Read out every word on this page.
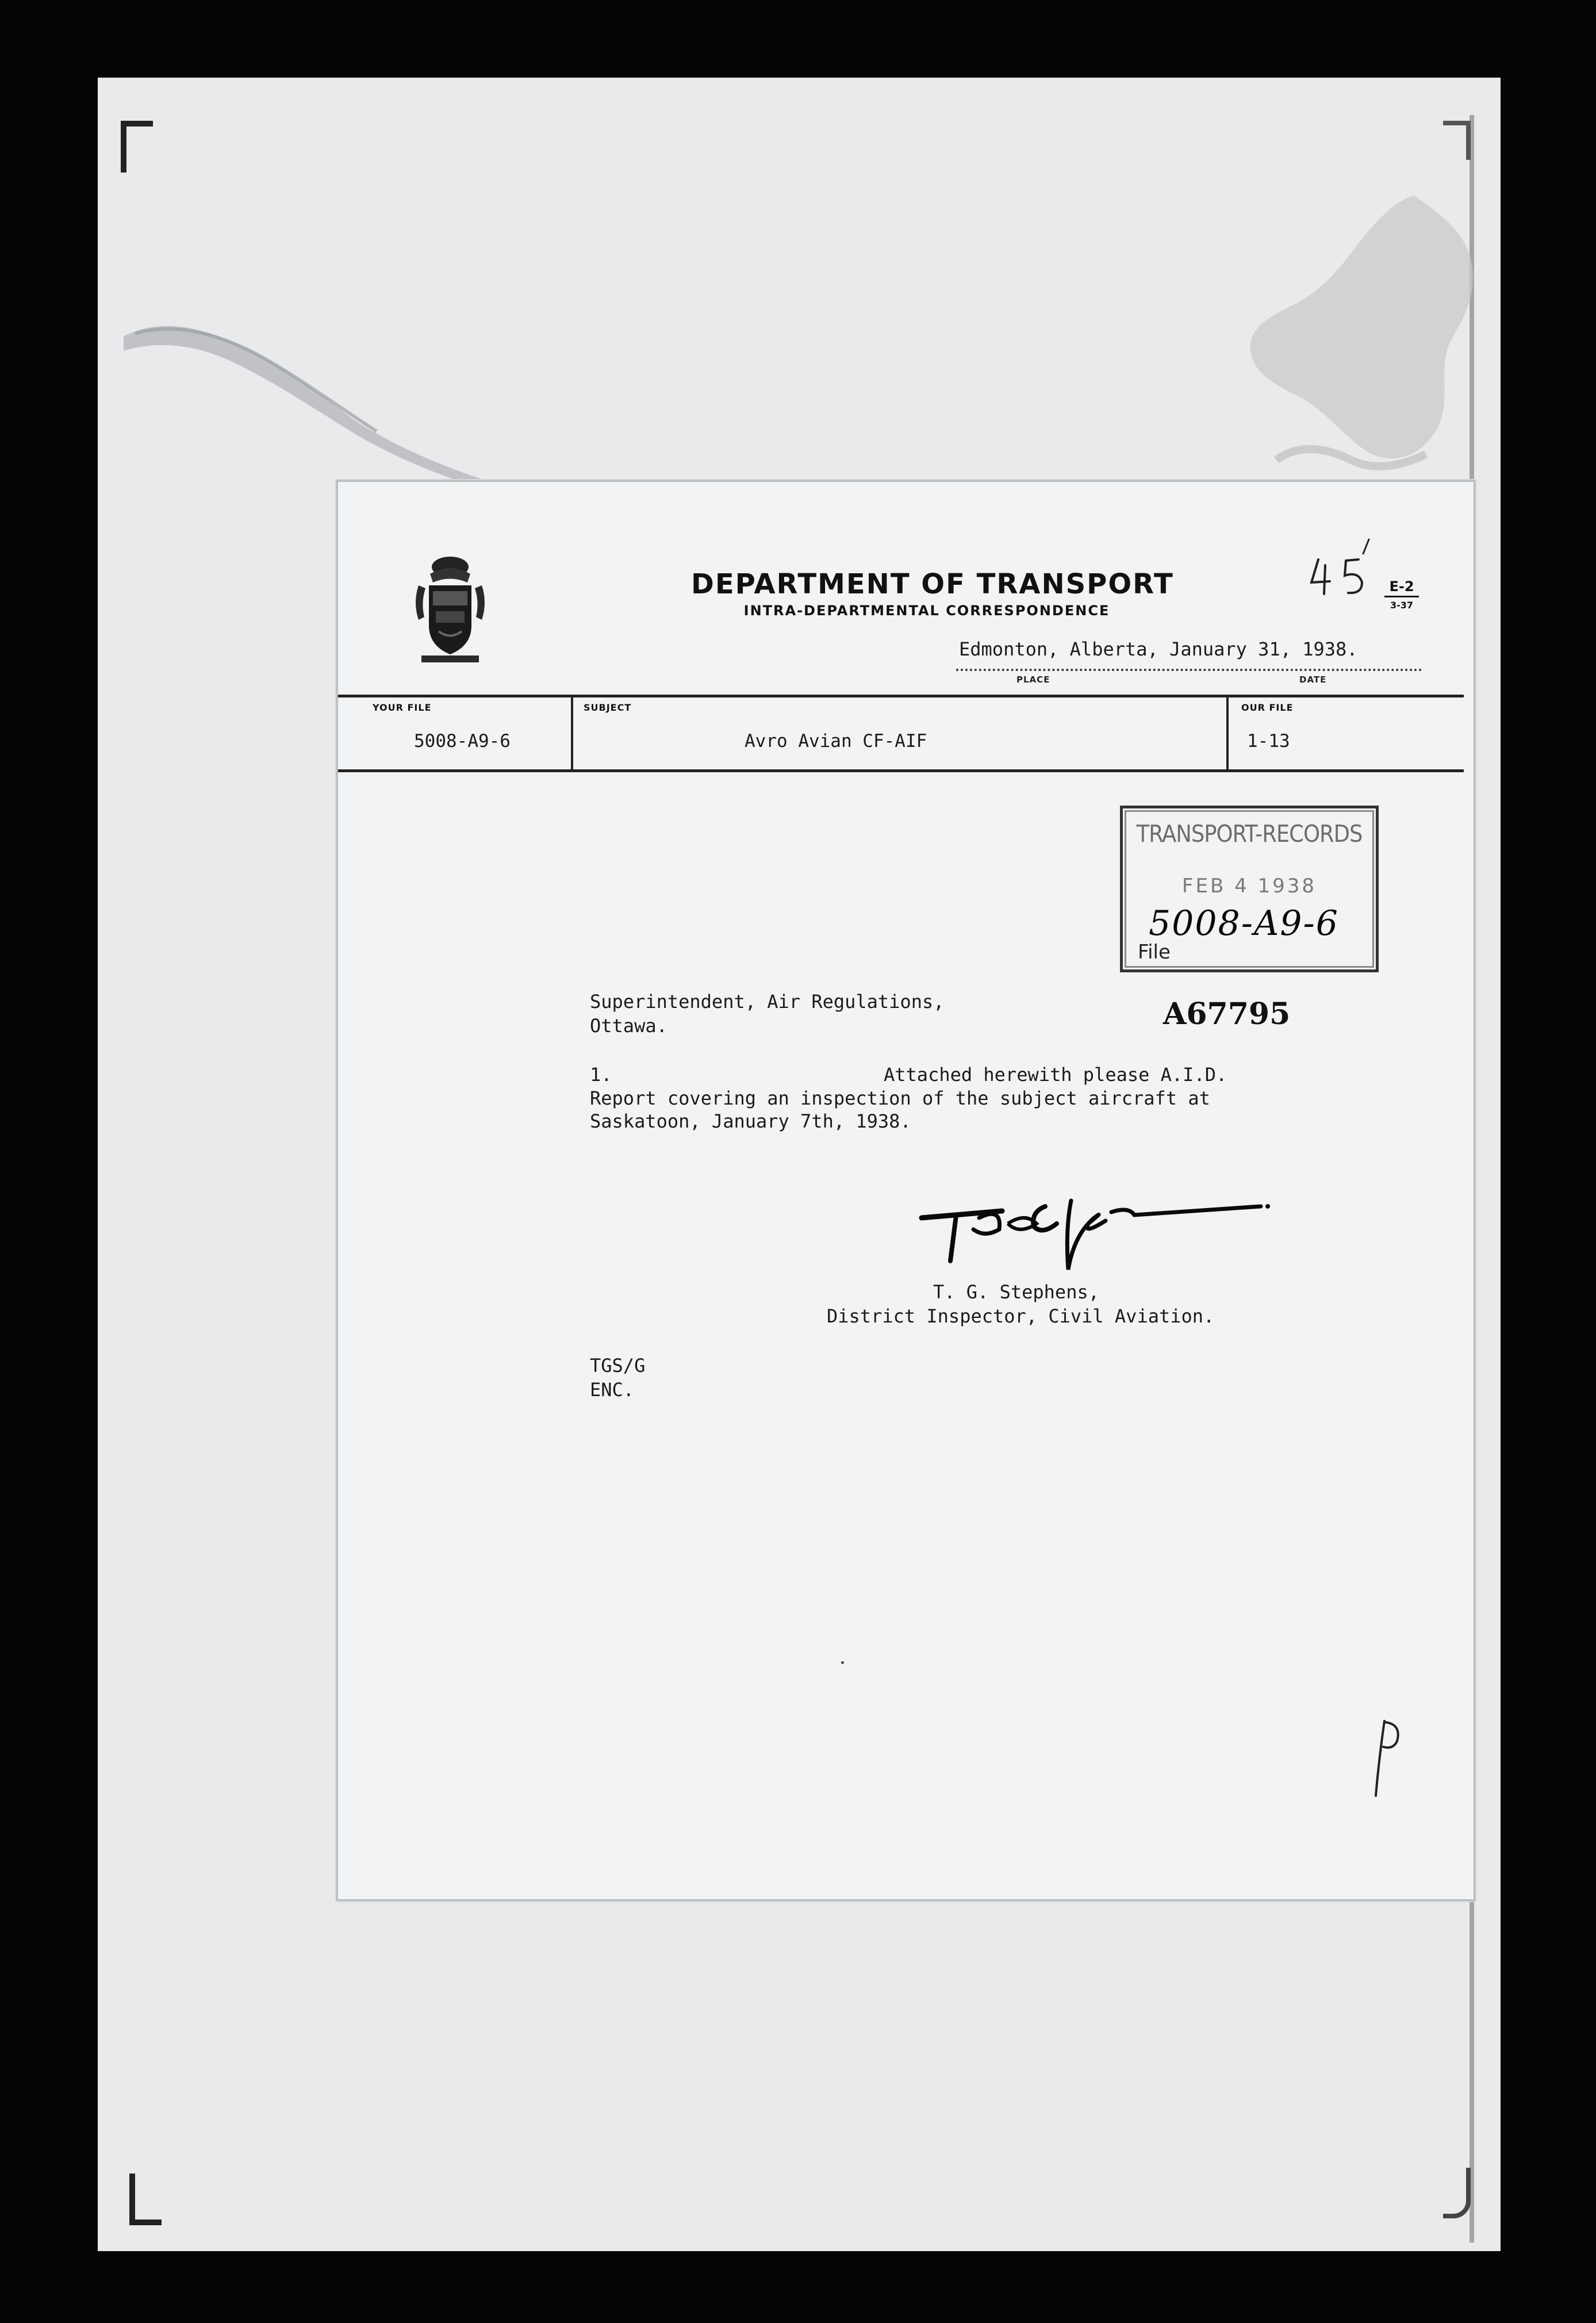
DEPARTMENT OF TRANSPORT
INTRA-DEPARTMENTAL CORRESPONDENCE
E-2
3-37
Edmonton, Alberta, January 31, 1938.
PLACE	DATE
YOUR FILE
5008-A9-6
SUBJECT
Avro Avian CF-AIF
OUR FILE
1-13
TRANSPORT-RECORDS
FEB 4 1938
5008-A9-6
File
A67795
Superintendent, Air Regulations,
Ottawa.
1.	Attached herewith please A.I.D.
Report covering an inspection of the subject aircraft at
Saskatoon, January 7th, 1938.
T. G. Stephens,
District Inspector, Civil Aviation.
TGS/G
ENC.
